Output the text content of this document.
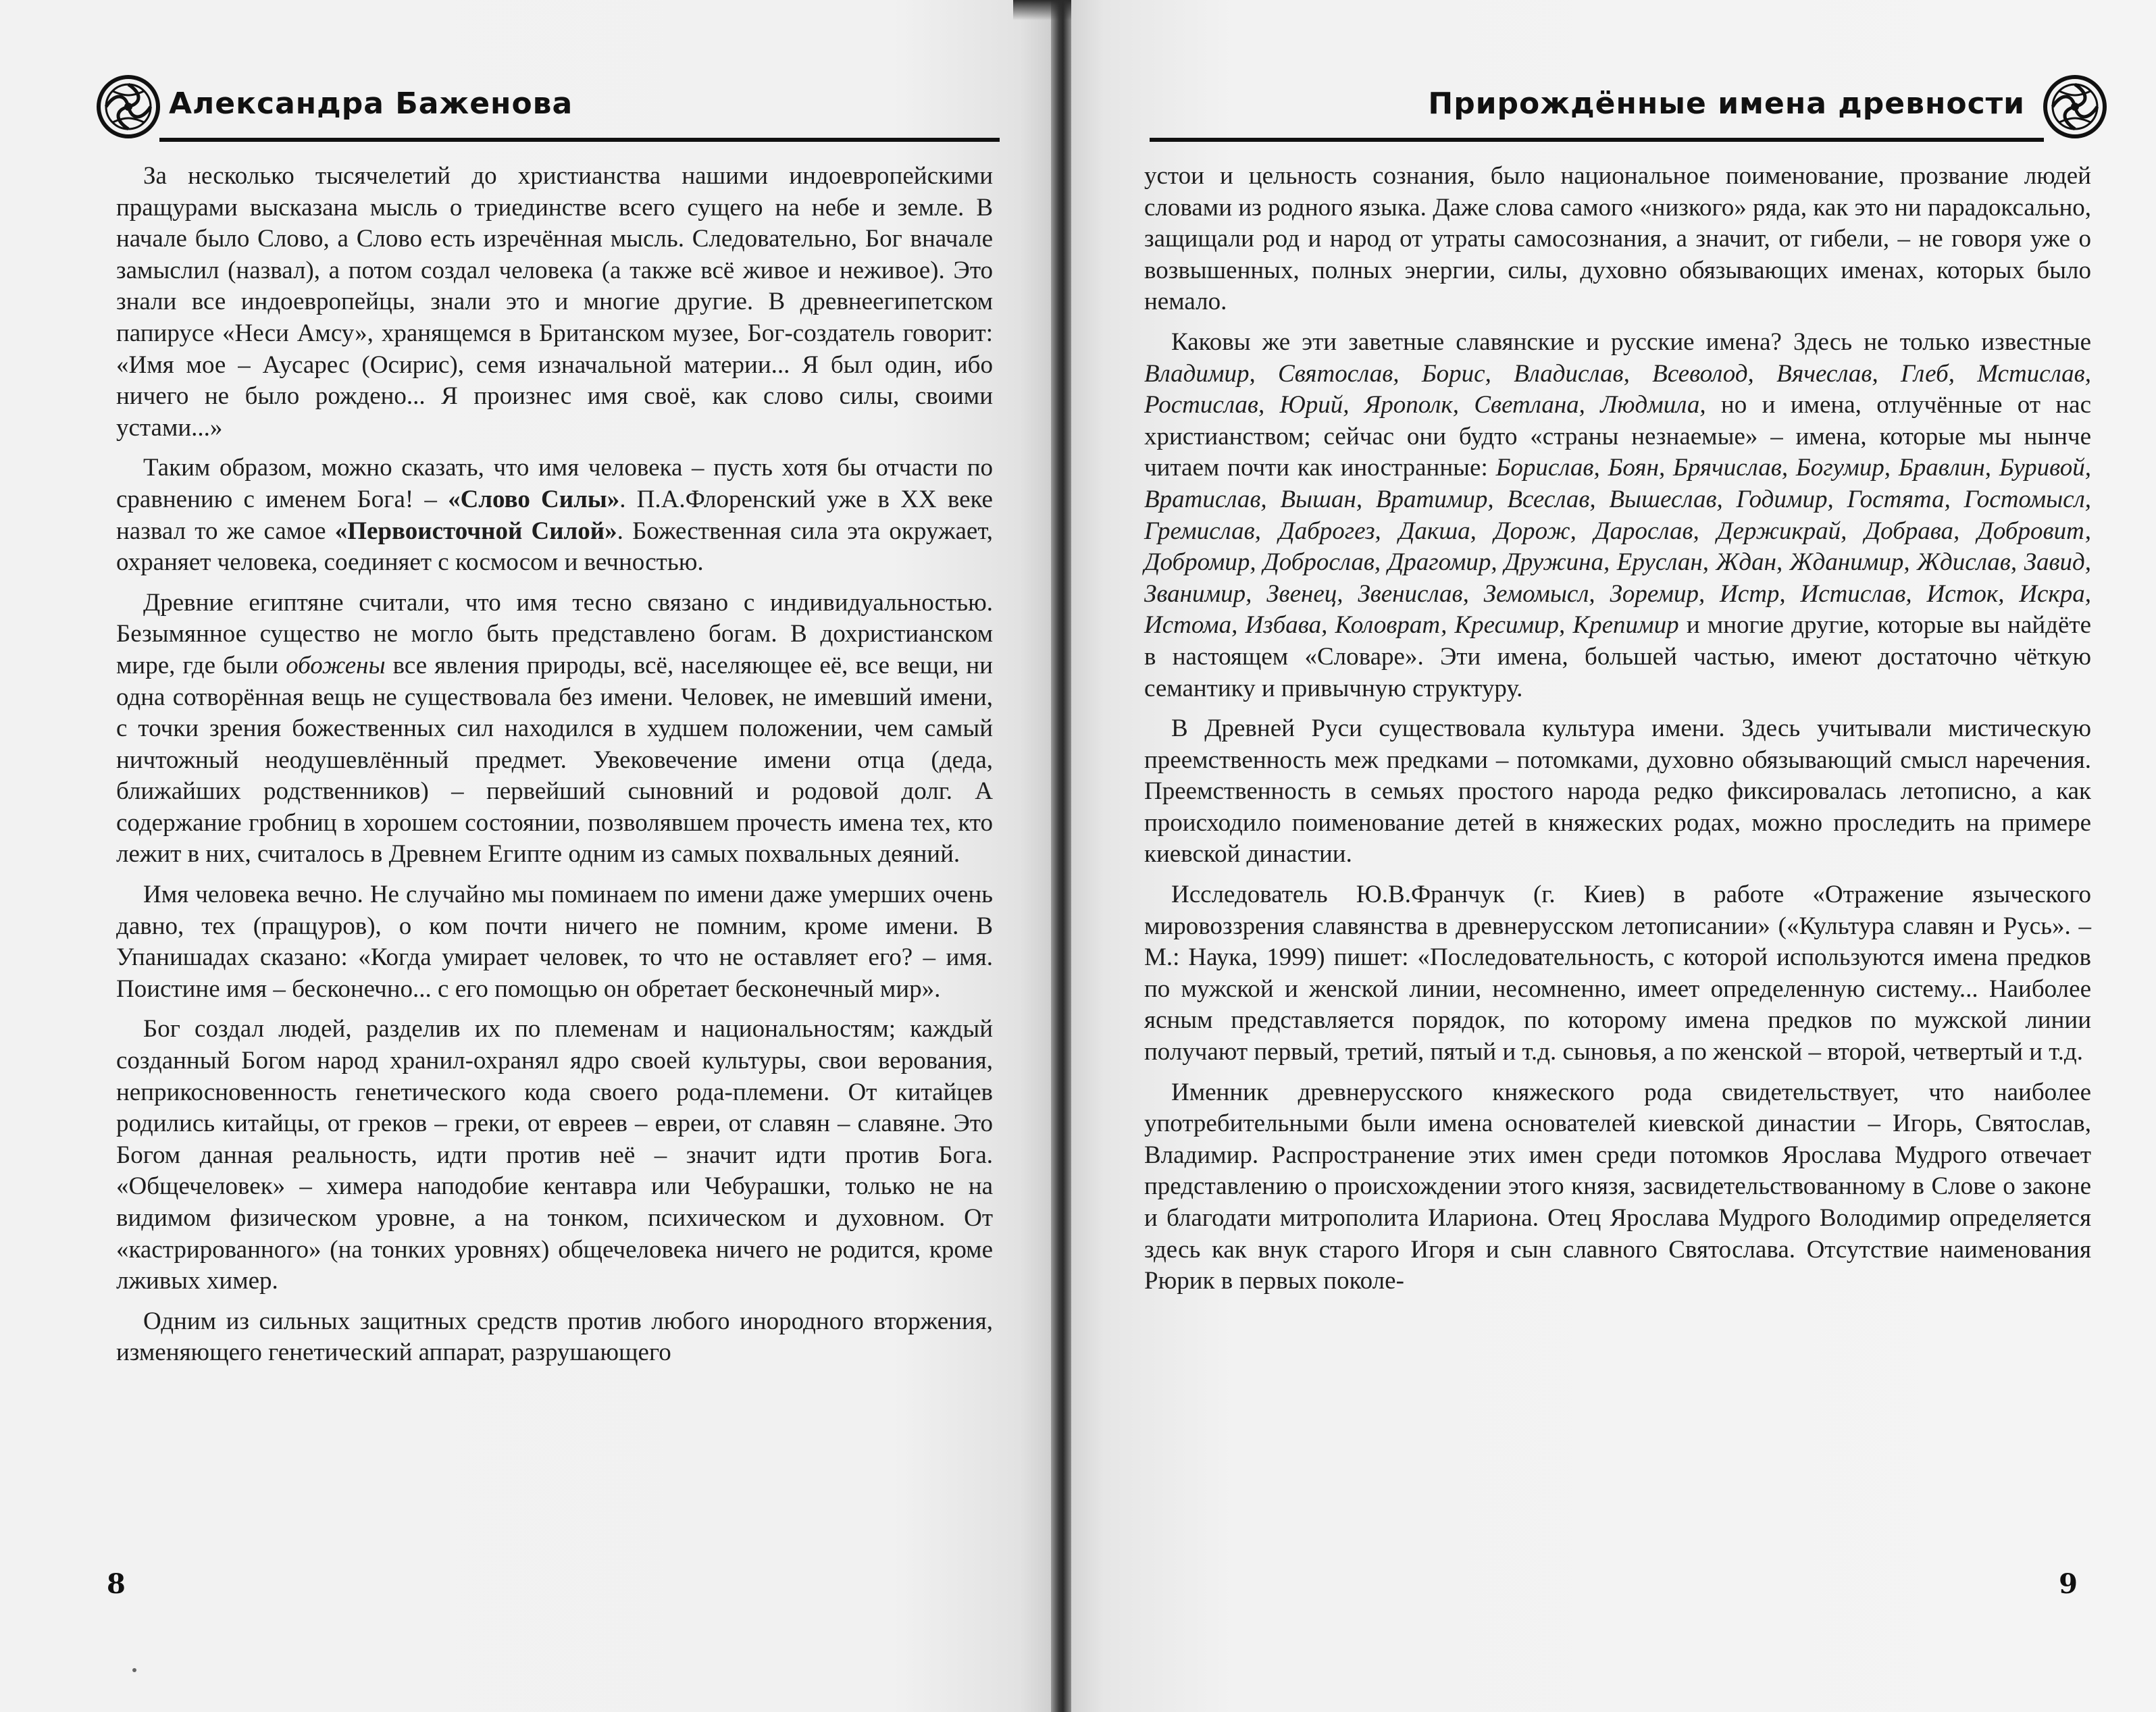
Александра Баженова

За несколько тысячелетий до христианства нашими индоевропейскими пращурами высказана мысль о триединстве всего сущего на небе и земле. В начале было Слово, а Слово есть изречённая мысль. Следовательно, Бог вначале замыслил (назвал), а потом создал человека (а также всё живое и неживое). Это знали все индоевропейцы, знали это и многие другие. В древнеегипетском папирусе «Неси Амсу», хранящемся в Британском музее, Бог-создатель говорит: «Имя мое – Аусарес (Осирис), семя изначальной материи... Я был один, ибо ничего не было рождено... Я произнес имя своё, как слово силы, своими устами...»

Таким образом, можно сказать, что имя человека – пусть хотя бы отчасти по сравнению с именем Бога! – «Слово Силы». П.А.Флоренский уже в XX веке назвал то же самое «Первоисточной Силой». Божественная сила эта окружает, охраняет человека, соединяет с космосом и вечностью.

Древние египтяне считали, что имя тесно связано с индивидуальностью. Безымянное существо не могло быть представлено богам. В дохристианском мире, где были обожены все явления природы, всё, населяющее её, все вещи, ни одна сотворённая вещь не существовала без имени. Человек, не имевший имени, с точки зрения божественных сил находился в худшем положении, чем самый ничтожный неодушевлённый предмет. Увековечение имени отца (деда, ближайших родственников) – первейший сыновний и родовой долг. А содержание гробниц в хорошем состоянии, позволявшем прочесть имена тех, кто лежит в них, считалось в Древнем Египте одним из самых похвальных деяний.

Имя человека вечно. Не случайно мы поминаем по имени даже умерших очень давно, тех (пращуров), о ком почти ничего не помним, кроме имени. В Упанишадах сказано: «Когда умирает человек, то что не оставляет его? – имя. Поистине имя – бесконечно... с его помощью он обретает бесконечный мир».

Бог создал людей, разделив их по племенам и национальностям; каждый созданный Богом народ хранил-охранял ядро своей культуры, свои верования, неприкосновенность генетического кода своего рода-племени. От китайцев родились китайцы, от греков – греки, от евреев – евреи, от славян – славяне. Это Богом данная реальность, идти против неё – значит идти против Бога. «Общечеловек» – химера наподобие кентавра или Чебурашки, только не на видимом физическом уровне, а на тонком, психическом и духовном. От «кастрированного» (на тонких уровнях) общечеловека ничего не родится, кроме лживых химер.

Одним из сильных защитных средств против любого инородного вторжения, изменяющего генетический аппарат, разрушающего

8
Прирождённые имена древности

устои и цельность сознания, было национальное поименование, прозвание людей словами из родного языка. Даже слова самого «низкого» ряда, как это ни парадоксально, защищали род и народ от утраты самосознания, а значит, от гибели, – не говоря уже о возвышенных, полных энергии, силы, духовно обязывающих именах, которых было немало.

Каковы же эти заветные славянские и русские имена? Здесь не только известные Владимир, Святослав, Борис, Владислав, Всеволод, Вячеслав, Глеб, Мстислав, Ростислав, Юрий, Ярополк, Светлана, Людмила, но и имена, отлучённые от нас христианством; сейчас они будто «страны незнаемые» – имена, которые мы нынче читаем почти как иностранные: Борислав, Боян, Брячислав, Богумир, Бравлин, Буривой, Вратислав, Вышан, Вратимир, Всеслав, Вышеслав, Годимир, Гостята, Гостомысл, Гремислав, Даброгез, Дакша, Дорож, Дарослав, Держикрай, Добрава, Добровит, Добромир, Доброслав, Драгомир, Дружина, Еруслан, Ждан, Жданимир, Ждислав, Завид, Званимир, Звенец, Звенислав, Земомысл, Зоремир, Истр, Истислав, Исток, Искра, Истома, Избава, Коловрат, Кресимир, Крепимир и многие другие, которые вы найдёте в настоящем «Словаре». Эти имена, большей частью, имеют достаточно чёткую семантику и привычную структуру.

В Древней Руси существовала культура имени. Здесь учитывали мистическую преемственность меж предками – потомками, духовно обязывающий смысл наречения. Преемственность в семьях простого народа редко фиксировалась летописно, а как происходило поименование детей в княжеских родах, можно проследить на примере киевской династии.

Исследователь Ю.В.Франчук (г. Киев) в работе «Отражение языческого мировоззрения славянства в древнерусском летописании» («Культура славян и Русь». – М.: Наука, 1999) пишет: «Последовательность, с которой используются имена предков по мужской и женской линии, несомненно, имеет определенную систему... Наиболее ясным представляется порядок, по которому имена предков по мужской линии получают первый, третий, пятый и т.д. сыновья, а по женской – второй, четвертый и т.д.

Именник древнерусского княжеского рода свидетельствует, что наиболее употребительными были имена основателей киевской династии – Игорь, Святослав, Владимир. Распространение этих имен среди потомков Ярослава Мудрого отвечает представлению о происхождении этого князя, засвидетельствованному в Слове о законе и благодати митрополита Илариона. Отец Ярослава Мудрого Володимир определяется здесь как внук старого Игоря и сын славного Святослава. Отсутствие наименования Рюрик в первых поколе-

9
